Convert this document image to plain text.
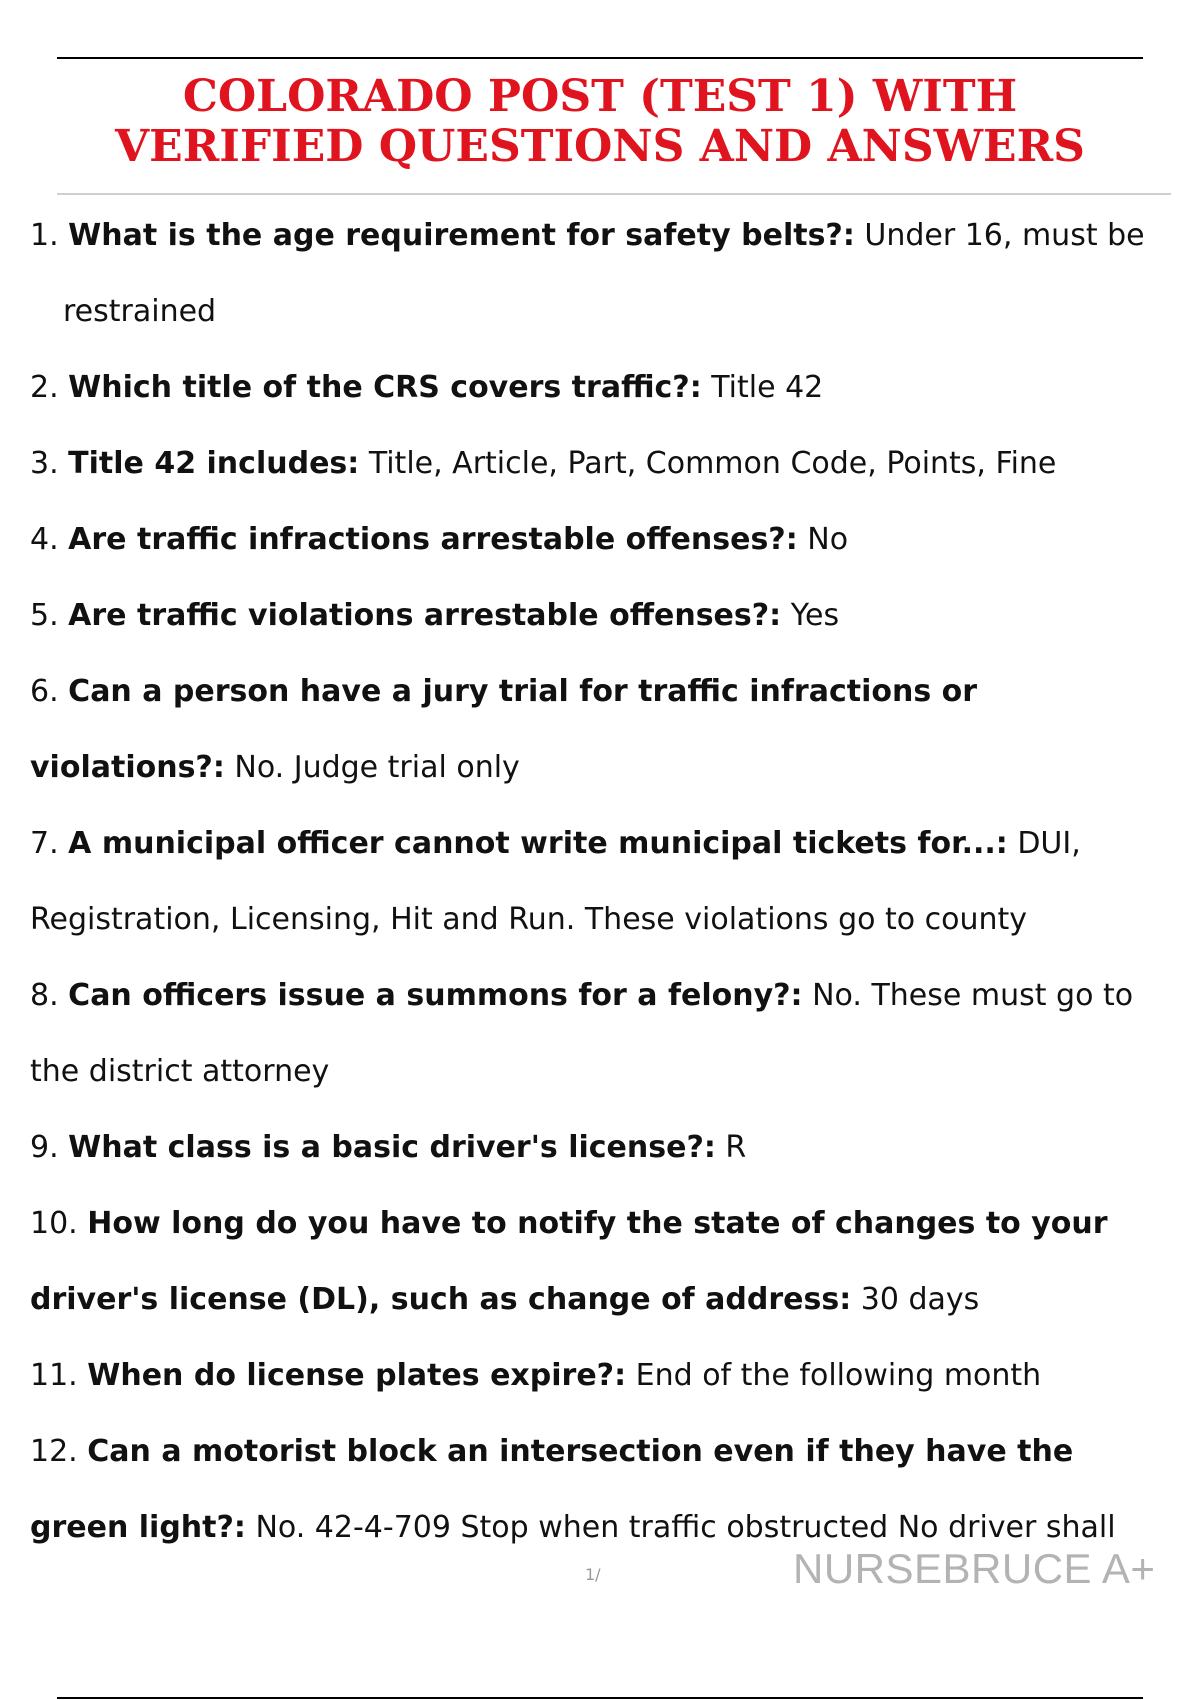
COLORADO POST (TEST 1) WITH VERIFIED QUESTIONS AND ANSWERS
1. What is the age requirement for safety belts?: Under 16, must be restrained
2. Which title of the CRS covers traffic?: Title 42
3. Title 42 includes: Title, Article, Part, Common Code, Points, Fine
4. Are traffic infractions arrestable offenses?: No
5. Are traffic violations arrestable offenses?: Yes
6. Can a person have a jury trial for traffic infractions or violations?: No. Judge trial only
7. A municipal officer cannot write municipal tickets for...: DUI, Registration, Licensing, Hit and Run. These violations go to county
8. Can officers issue a summons for a felony?: No. These must go to the district attorney
9. What class is a basic driver's license?: R
10. How long do you have to notify the state of changes to your driver's license (DL), such as change of address: 30 days
11. When do license plates expire?: End of the following month
12. Can a motorist block an intersection even if they have the green light?: No. 42-4-709 Stop when traffic obstructed No driver shall
1/	NURSEBRUCE A+
